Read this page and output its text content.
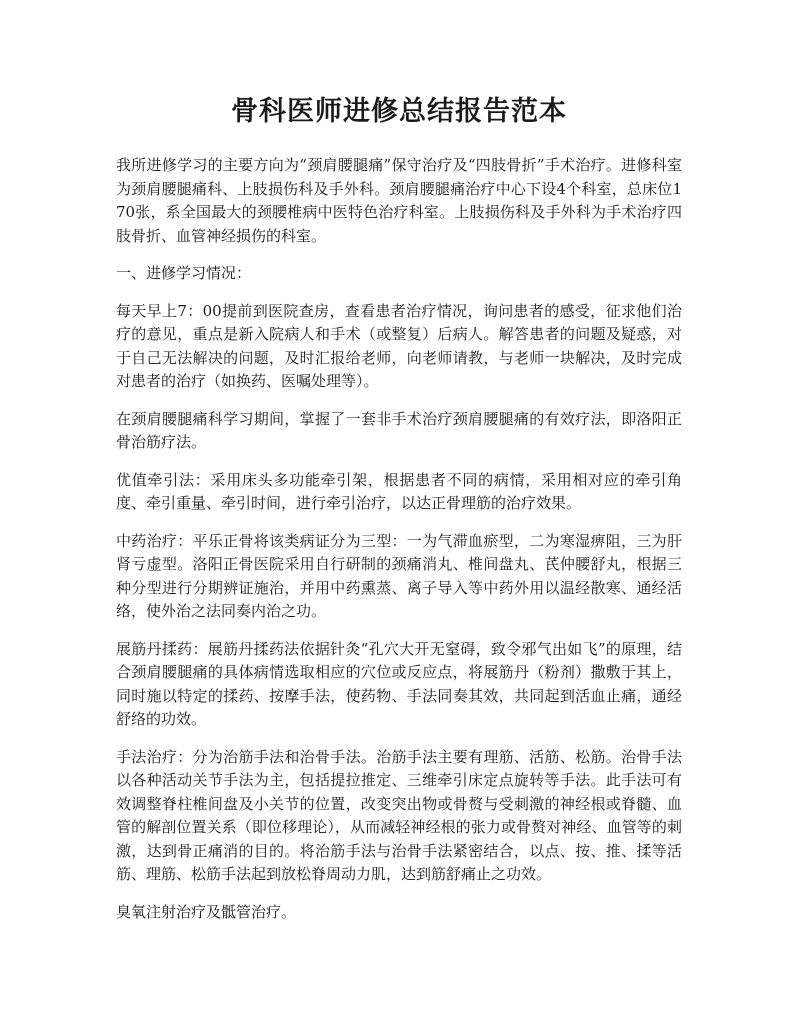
骨科医师进修总结报告范本

我所进修学习的主要方向为“颈肩腰腿痛”保守治疗及“四肢骨折”手术治疗。进修科室为颈肩腰腿痛科、上肢损伤科及手外科。颈肩腰腿痛治疗中心下设4个科室，总床位170张，系全国最大的颈腰椎病中医特色治疗科室。上肢损伤科及手外科为手术治疗四肢骨折、血管神经损伤的科室。

一、进修学习情况：

每天早上7：00提前到医院查房，查看患者治疗情况，询问患者的感受，征求他们治疗的意见，重点是新入院病人和手术（或整复）后病人。解答患者的问题及疑惑，对于自己无法解决的问题，及时汇报给老师，向老师请教，与老师一块解决，及时完成对患者的治疗（如换药、医嘱处理等）。

在颈肩腰腿痛科学习期间，掌握了一套非手术治疗颈肩腰腿痛的有效疗法，即洛阳正骨治筋疗法。

优值牵引法：采用床头多功能牵引架，根据患者不同的病情，采用相对应的牵引角度、牵引重量、牵引时间，进行牵引治疗，以达正骨理筋的治疗效果。

中药治疗：平乐正骨将该类病证分为三型：一为气滞血瘀型，二为寒湿痹阻，三为肝肾亏虚型。洛阳正骨医院采用自行研制的颈痛消丸、椎间盘丸、芪仲腰舒丸，根据三种分型进行分期辨证施治，并用中药熏蒸、离子导入等中药外用以温经散寒、通经活络，使外治之法同奏内治之功。

展筋丹揉药：展筋丹揉药法依据针灸“孔穴大开无窒碍，致令邪气出如飞”的原理，结合颈肩腰腿痛的具体病情选取相应的穴位或反应点，将展筋丹（粉剂）撒敷于其上，同时施以特定的揉药、按摩手法，使药物、手法同奏其效，共同起到活血止痛，通经舒络的功效。

手法治疗：分为治筋手法和治骨手法。治筋手法主要有理筋、活筋、松筋。治骨手法以各种活动关节手法为主，包括提拉推定、三维牵引床定点旋转等手法。此手法可有效调整脊柱椎间盘及小关节的位置，改变突出物或骨赘与受刺激的神经根或脊髓、血管的解剖位置关系（即位移理论），从而减轻神经根的张力或骨赘对神经、血管等的刺激，达到骨正痛消的目的。将治筋手法与治骨手法紧密结合，以点、按、推、揉等活筋、理筋、松筋手法起到放松脊周动力肌，达到筋舒痛止之功效。

臭氧注射治疗及骶管治疗。
